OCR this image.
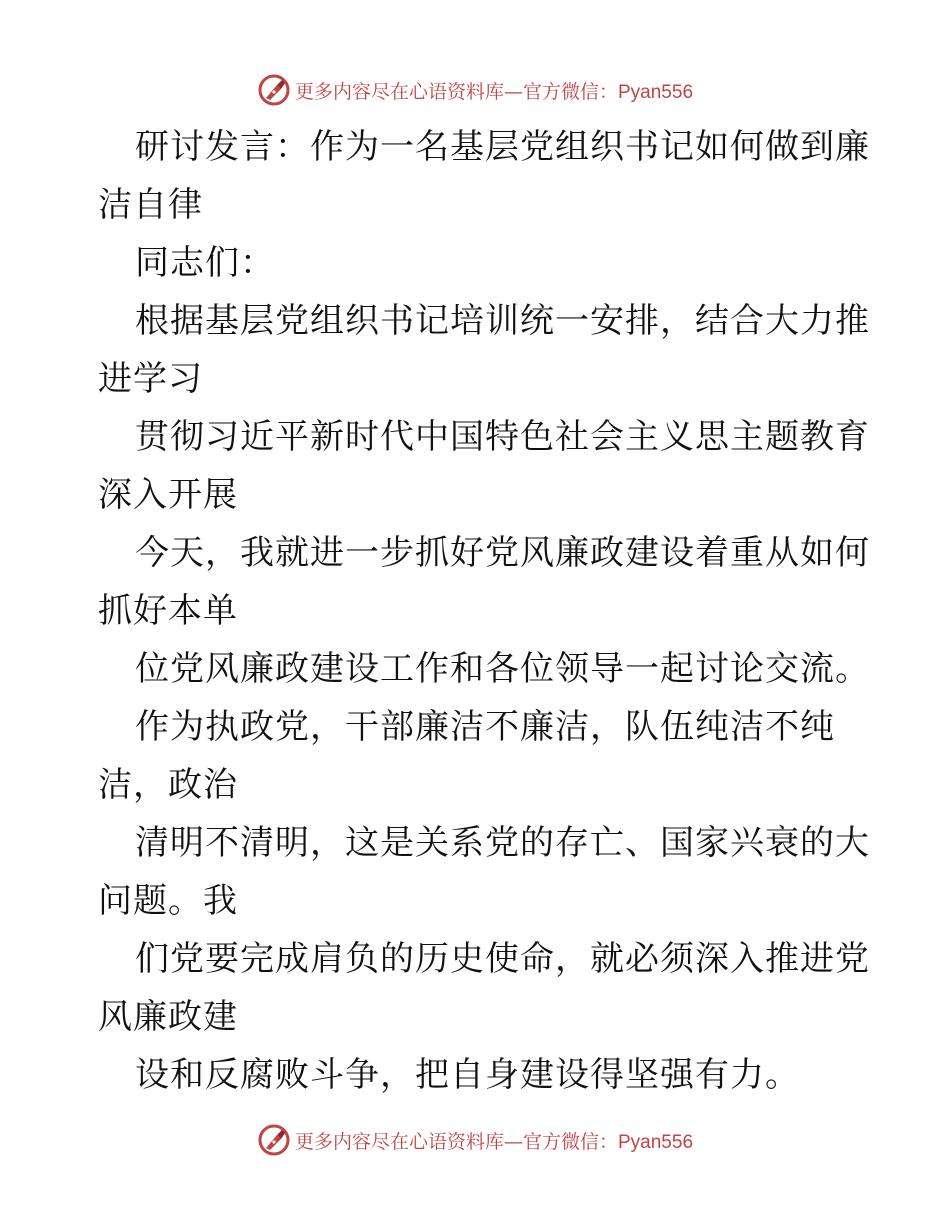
更多内容尽在心语资料库—官方微信：Pyan556
研讨发言：作为一名基层党组织书记如何做到廉
洁自律
同志们：
根据基层党组织书记培训统一安排，结合大力推
进学习
贯彻习近平新时代中国特色社会主义思主题教育
深入开展
今天，我就进一步抓好党风廉政建设着重从如何
抓好本单
位党风廉政建设工作和各位领导一起讨论交流。
作为执政党，干部廉洁不廉洁，队伍纯洁不纯
洁，政治
清明不清明，这是关系党的存亡、国家兴衰的大
问题。我
们党要完成肩负的历史使命，就必须深入推进党
风廉政建
设和反腐败斗争，把自身建设得坚强有力。
更多内容尽在心语资料库—官方微信：Pyan556
